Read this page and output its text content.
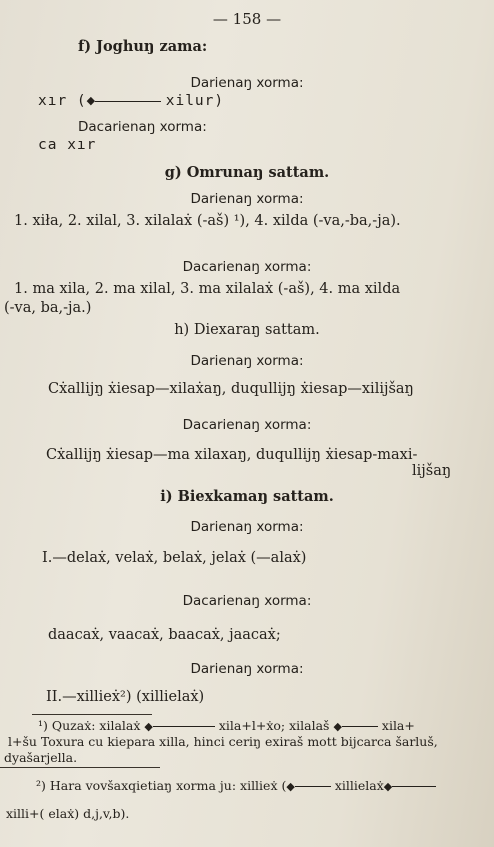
— 158 —
f) Joghuŋ zama:
Darienaŋ xorma:
xır (◆	xilur)
Dacarienaŋ xorma:
ca xır
g) Omrunaŋ sattam.
Darienaŋ xorma:
1. xiła, 2. xilal, 3. xilalaẋ (-aš) ¹), 4. xilda (-va,-ba,-ja).
Dacarienaŋ xorma:
1. ma xila, 2. ma xilal, 3. ma xilalaẋ (-aš), 4. ma xilda
(-va, ba,-ja.)
h) Diexaraŋ sattam.
Darienaŋ xorma:
Cẋallijŋ ẋiesap—xilaẋaŋ, duqullijŋ ẋiesap—xilijšaŋ
Dacarienaŋ xorma:
Cẋallijŋ ẋiesap—ma xilaxaŋ, duqullijŋ ẋiesap-maxi-
lijšaŋ
i) Biexkamaŋ sattam.
Darienaŋ xorma:
I.—delaẋ, velaẋ, belaẋ, jelaẋ (—alaẋ)
Dacarienaŋ xorma:
daacaẋ, vaacaẋ, baacaẋ, jaacaẋ;
Darienaŋ xorma:
II.—xillieẋ²) (xillielaẋ)
¹) Quzaẋ: xilalaẋ ◆	xila+l+ẋo; xilalaš ◆	xila+
l+šu Toxura cu kiepara xilla, hinci ceriŋ exiraš mott bijcarca šarluš,
dyašarjella.
²) Hara vovšaxqietiaŋ xorma ju: xillieẋ (◆	xillielaẋ◆
xilli+( elaẋ) d,j,v,b).
